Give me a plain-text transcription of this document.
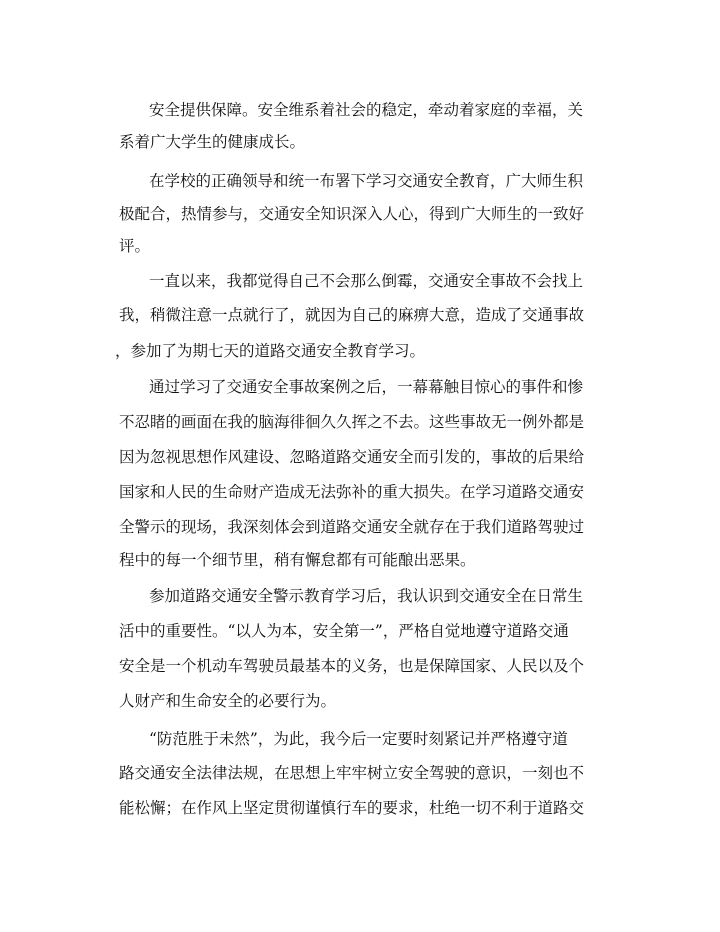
安全提供保障。安全维系着社会的稳定，牵动着家庭的幸福，关
系着广大学生的健康成长。
在学校的正确领导和统一布署下学习交通安全教育，广大师生积
极配合，热情参与，交通安全知识深入人心，得到广大师生的一致好
评。
一直以来，我都觉得自己不会那么倒霉，交通安全事故不会找上
我，稍微注意一点就行了，就因为自己的麻痹大意，造成了交通事故
，参加了为期七天的道路交通安全教育学习。
通过学习了交通安全事故案例之后，一幕幕触目惊心的事件和惨
不忍睹的画面在我的脑海徘徊久久挥之不去。这些事故无一例外都是
因为忽视思想作风建设、忽略道路交通安全而引发的，事故的后果给
国家和人民的生命财产造成无法弥补的重大损失。在学习道路交通安
全警示的现场，我深刻体会到道路交通安全就存在于我们道路驾驶过
程中的每一个细节里，稍有懈怠都有可能酿出恶果。
参加道路交通安全警示教育学习后，我认识到交通安全在日常生
活中的重要性。“以人为本，安全第一”，严格自觉地遵守道路交通
安全是一个机动车驾驶员最基本的义务，也是保障国家、人民以及个
人财产和生命安全的必要行为。
“防范胜于未然”，为此，我今后一定要时刻紧记并严格遵守道
路交通安全法律法规，在思想上牢牢树立安全驾驶的意识，一刻也不
能松懈；在作风上坚定贯彻谨慎行车的要求，杜绝一切不利于道路交
